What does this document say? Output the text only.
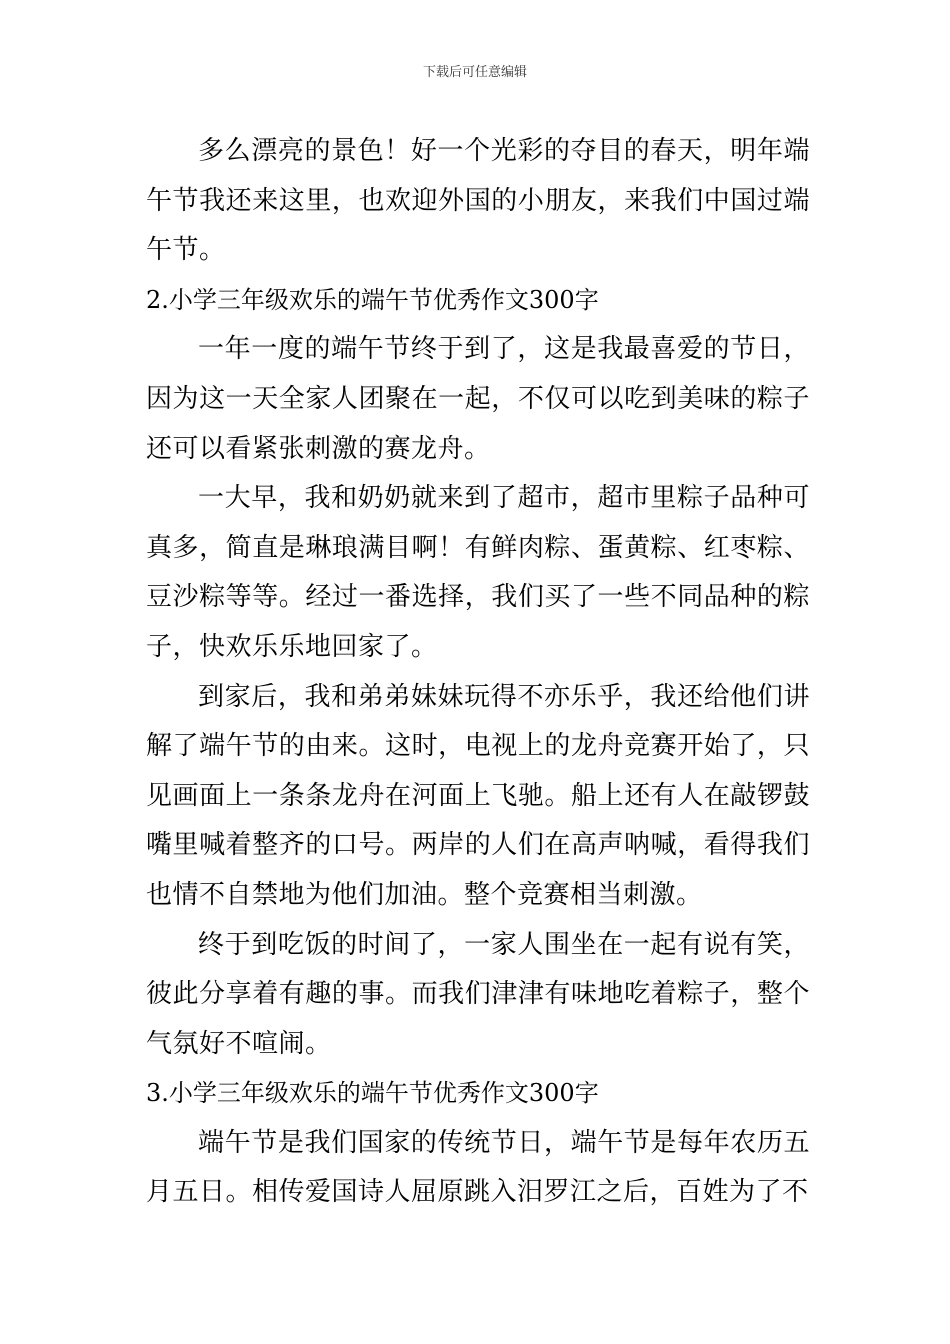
下载后可任意编辑

多么漂亮的景色！好一个光彩的夺目的春天，明年端午节我还来这里，也欢迎外国的小朋友，来我们中国过端午节。

2.小学三年级欢乐的端午节优秀作文300字

一年一度的端午节终于到了，这是我最喜爱的节日，因为这一天全家人团聚在一起，不仅可以吃到美味的粽子还可以看紧张刺激的赛龙舟。

一大早，我和奶奶就来到了超市，超市里粽子品种可真多，简直是琳琅满目啊！有鲜肉粽、蛋黄粽、红枣粽、豆沙粽等等。经过一番选择，我们买了一些不同品种的粽子，快欢乐乐地回家了。

到家后，我和弟弟妹妹玩得不亦乐乎，我还给他们讲解了端午节的由来。这时，电视上的龙舟竞赛开始了，只见画面上一条条龙舟在河面上飞驰。船上还有人在敲锣鼓嘴里喊着整齐的口号。两岸的人们在高声呐喊，看得我们也情不自禁地为他们加油。整个竞赛相当刺激。

终于到吃饭的时间了，一家人围坐在一起有说有笑，彼此分享着有趣的事。而我们津津有味地吃着粽子，整个气氛好不喧闹。

3.小学三年级欢乐的端午节优秀作文300字

端午节是我们国家的传统节日，端午节是每年农历五月五日。相传爱国诗人屈原跳入汨罗江之后，百姓为了不
